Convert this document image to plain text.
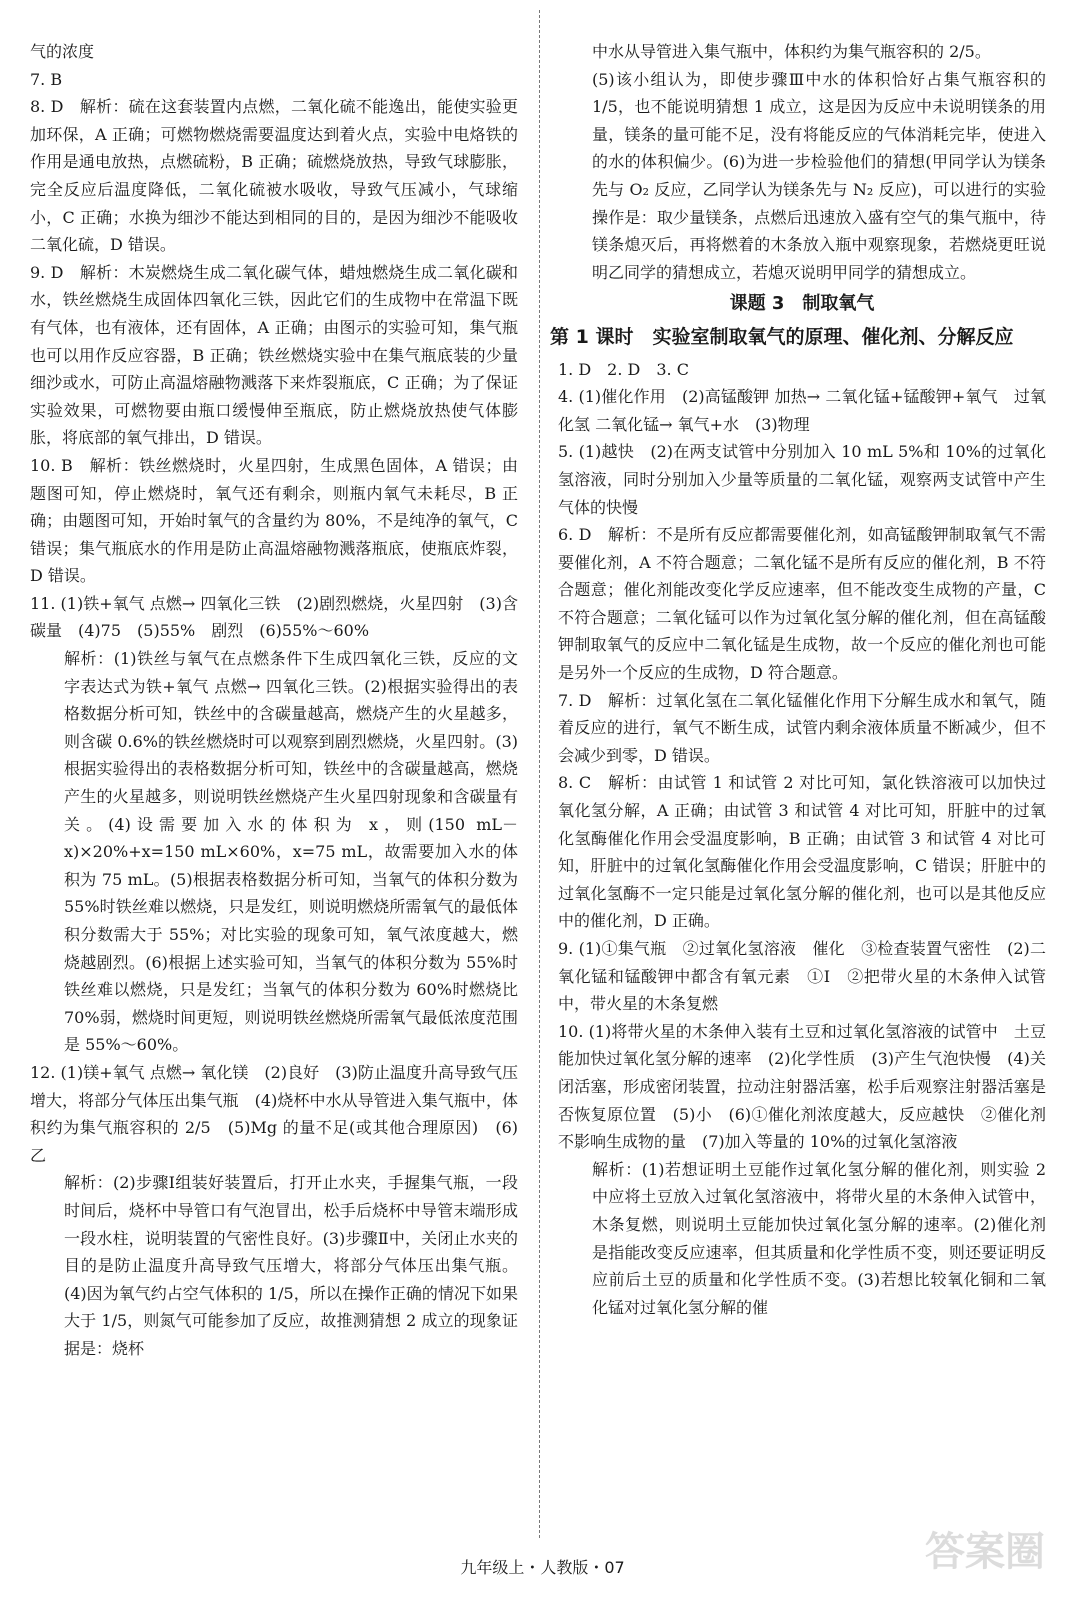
气的浓度

7. B

8. D　解析：硫在这套装置内点燃，二氧化硫不能逸出，能使实验更加环保，A 正确；可燃物燃烧需要温度达到着火点，实验中电烙铁的作用是通电放热，点燃硫粉，B 正确；硫燃烧放热，导致气球膨胀，完全反应后温度降低，二氧化硫被水吸收，导致气压减小，气球缩小，C 正确；水换为细沙不能达到相同的目的，是因为细沙不能吸收二氧化硫，D 错误。

9. D　解析：木炭燃烧生成二氧化碳气体，蜡烛燃烧生成二氧化碳和水，铁丝燃烧生成固体四氧化三铁，因此它们的生成物中在常温下既有气体，也有液体，还有固体，A 正确；由图示的实验可知，集气瓶也可以用作反应容器，B 正确；铁丝燃烧实验中在集气瓶底装的少量细沙或水，可防止高温熔融物溅落下来炸裂瓶底，C 正确；为了保证实验效果，可燃物要由瓶口缓慢伸至瓶底，防止燃烧放热使气体膨胀，将底部的氧气排出，D 错误。

10. B　解析：铁丝燃烧时，火星四射，生成黑色固体，A 错误；由题图可知，停止燃烧时，氧气还有剩余，则瓶内氧气未耗尽，B 正确；由题图可知，开始时氧气的含量约为 80%，不是纯净的氧气，C 错误；集气瓶底水的作用是防止高温熔融物溅落瓶底，使瓶底炸裂，D 错误。

11. (1)铁+氧气 点燃→ 四氧化三铁　(2)剧烈燃烧，火星四射　(3)含碳量　(4)75　(5)55%　剧烈　(6)55%～60%

解析：(1)铁丝与氧气在点燃条件下生成四氧化三铁，反应的文字表达式为铁+氧气 点燃→ 四氧化三铁。(2)根据实验得出的表格数据分析可知，铁丝中的含碳量越高，燃烧产生的火星越多，则含碳 0.6%的铁丝燃烧时可以观察到剧烈燃烧，火星四射。(3)根据实验得出的表格数据分析可知，铁丝中的含碳量越高，燃烧产生的火星越多，则说明铁丝燃烧产生火星四射现象和含碳量有关。(4)设需要加入水的体积为 x，则(150 mL－x)×20%+x=150 mL×60%，x=75 mL，故需要加入水的体积为 75 mL。(5)根据表格数据分析可知，当氧气的体积分数为 55%时铁丝难以燃烧，只是发红，则说明燃烧所需氧气的最低体积分数需大于 55%；对比实验的现象可知，氧气浓度越大，燃烧越剧烈。(6)根据上述实验可知，当氧气的体积分数为 55%时铁丝难以燃烧，只是发红；当氧气的体积分数为 60%时燃烧比 70%弱，燃烧时间更短，则说明铁丝燃烧所需氧气最低浓度范围是 55%～60%。

12. (1)镁+氧气 点燃→ 氧化镁　(2)良好　(3)防止温度升高导致气压增大，将部分气体压出集气瓶　(4)烧杯中水从导管进入集气瓶中，体积约为集气瓶容积的 2/5　(5)Mg 的量不足(或其他合理原因)　(6)乙

解析：(2)步骤Ⅰ组装好装置后，打开止水夹，手握集气瓶，一段时间后，烧杯中导管口有气泡冒出，松手后烧杯中导管末端形成一段水柱，说明装置的气密性良好。(3)步骤Ⅱ中，关闭止水夹的目的是防止温度升高导致气压增大，将部分气体压出集气瓶。(4)因为氧气约占空气体积的 1/5，所以在操作正确的情况下如果大于 1/5，则氮气可能参加了反应，故推测猜想 2 成立的现象证据是：烧杯

中水从导管进入集气瓶中，体积约为集气瓶容积的 2/5。

(5)该小组认为，即使步骤Ⅲ中水的体积恰好占集气瓶容积的 1/5，也不能说明猜想 1 成立，这是因为反应中未说明镁条的用量，镁条的量可能不足，没有将能反应的气体消耗完毕，使进入的水的体积偏少。(6)为进一步检验他们的猜想(甲同学认为镁条先与 O₂ 反应，乙同学认为镁条先与 N₂ 反应)，可以进行的实验操作是：取少量镁条，点燃后迅速放入盛有空气的集气瓶中，待镁条熄灭后，再将燃着的木条放入瓶中观察现象，若燃烧更旺说明乙同学的猜想成立，若熄灭说明甲同学的猜想成立。

课题 3　制取氧气

第 1 课时　实验室制取氧气的原理、催化剂、分解反应

1. D　2. D　3. C

4. (1)催化作用　(2)高锰酸钾 加热→ 二氧化锰+锰酸钾+氧气　过氧化氢 二氧化锰→ 氧气+水　(3)物理

5. (1)越快　(2)在两支试管中分别加入 10 mL 5%和 10%的过氧化氢溶液，同时分别加入少量等质量的二氧化锰，观察两支试管中产生气体的快慢

6. D　解析：不是所有反应都需要催化剂，如高锰酸钾制取氧气不需要催化剂，A 不符合题意；二氧化锰不是所有反应的催化剂，B 不符合题意；催化剂能改变化学反应速率，但不能改变生成物的产量，C 不符合题意；二氧化锰可以作为过氧化氢分解的催化剂，但在高锰酸钾制取氧气的反应中二氧化锰是生成物，故一个反应的催化剂也可能是另外一个反应的生成物，D 符合题意。

7. D　解析：过氧化氢在二氧化锰催化作用下分解生成水和氧气，随着反应的进行，氧气不断生成，试管内剩余液体质量不断减少，但不会减少到零，D 错误。

8. C　解析：由试管 1 和试管 2 对比可知，氯化铁溶液可以加快过氧化氢分解，A 正确；由试管 3 和试管 4 对比可知，肝脏中的过氧化氢酶催化作用会受温度影响，B 正确；由试管 3 和试管 4 对比可知，肝脏中的过氧化氢酶催化作用会受温度影响，C 错误；肝脏中的过氧化氢酶不一定只能是过氧化氢分解的催化剂，也可以是其他反应中的催化剂，D 正确。

9. (1)①集气瓶　②过氧化氢溶液　催化　③检查装置气密性　(2)二氧化锰和锰酸钾中都含有氧元素　①Ⅰ　②把带火星的木条伸入试管中，带火星的木条复燃

10. (1)将带火星的木条伸入装有土豆和过氧化氢溶液的试管中　土豆能加快过氧化氢分解的速率　(2)化学性质　(3)产生气泡快慢　(4)关闭活塞，形成密闭装置，拉动注射器活塞，松手后观察注射器活塞是否恢复原位置　(5)小　(6)①催化剂浓度越大，反应越快　②催化剂不影响生成物的量　(7)加入等量的 10%的过氧化氢溶液

解析：(1)若想证明土豆能作过氧化氢分解的催化剂，则实验 2 中应将土豆放入过氧化氢溶液中，将带火星的木条伸入试管中，木条复燃，则说明土豆能加快过氧化氢分解的速率。(2)催化剂是指能改变反应速率，但其质量和化学性质不变，则还要证明反应前后土豆的质量和化学性质不变。(3)若想比较氧化铜和二氧化锰对过氧化氢分解的催

九年级上・人教版・07	答案圈
